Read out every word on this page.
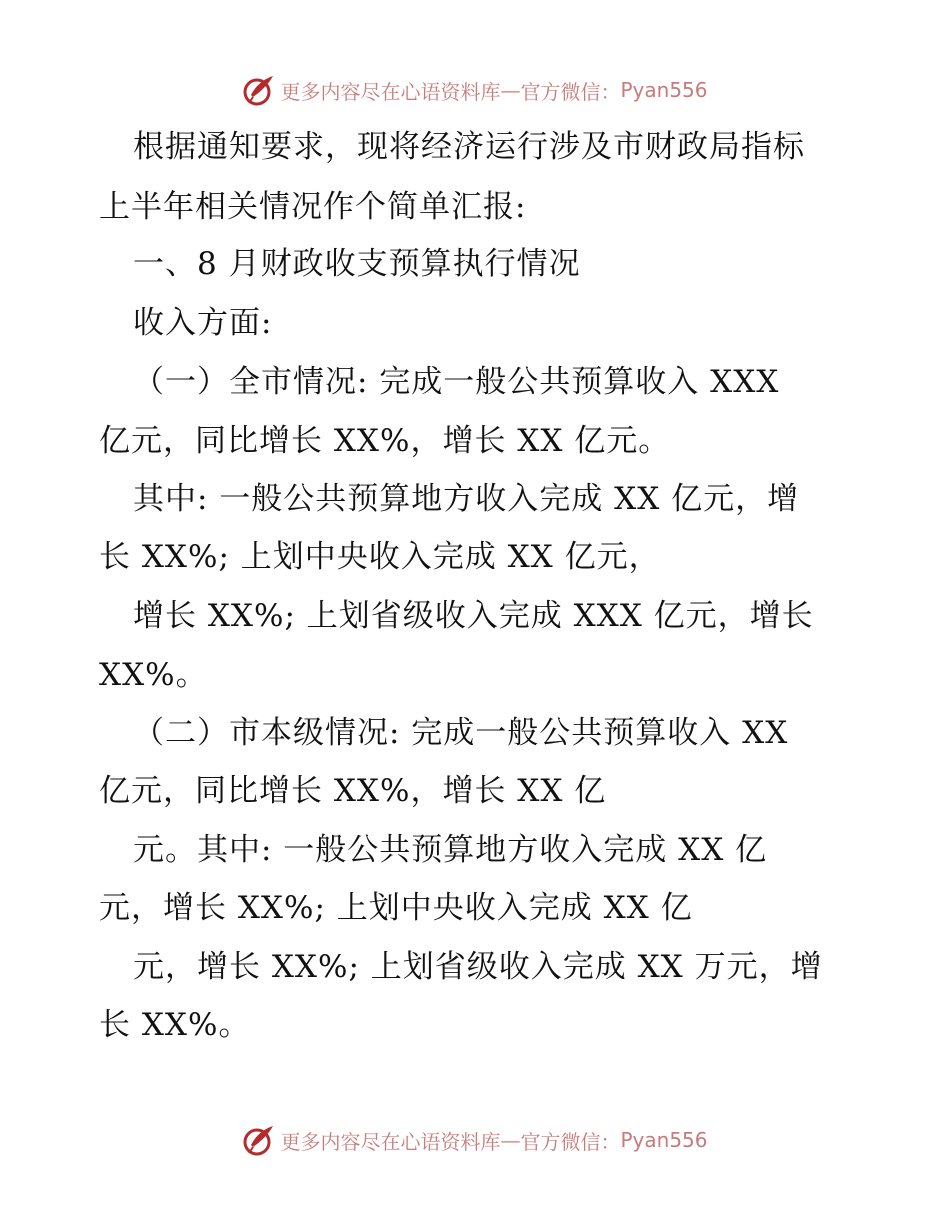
更多内容尽在心语资料库 — 官方微信： Pyan556
根据通知要求，现将经济运行涉及市财政局指标
上半年相关情况作个简单汇报:
一、8 月财政收支预算执行情况
收入方面:
（一）全市情况: 完成一般公共预算收入 XXX
亿元，同比增长 XX%，增长 XX 亿元。
其中: 一般公共预算地方收入完成 XX 亿元，增
长 XX%; 上划中央收入完成 XX 亿元，
增长 XX%; 上划省级收入完成 XXX 亿元，增长
XX%。
（二）市本级情况: 完成一般公共预算收入 XX
亿元，同比增长 XX%，增长 XX 亿
元。其中: 一般公共预算地方收入完成 XX 亿
元，增长 XX%; 上划中央收入完成 XX 亿
元，增长 XX%; 上划省级收入完成 XX 万元，增
长 XX%。
更多内容尽在心语资料库 — 官方微信： Pyan556
